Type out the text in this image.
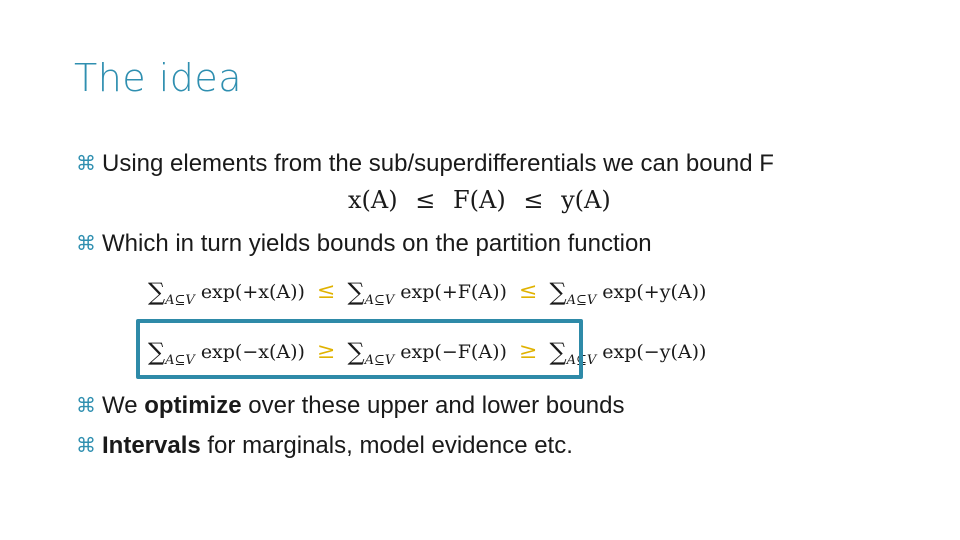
The idea
⌘ Using elements from the sub/superdifferentials we can bound F
x(A) ≤ F(A) ≤ y(A)
⌘ Which in turn yields bounds on the partition function
$\sum_{A⊆V}$ $\exp(+x(A)) \le \sum_{A⊆V}$ $\exp(+F(A)) \le \sum_{A⊆V}$ exp(+y(A))
$\sum_{A⊆V}$ $\exp(-x(A)) \ge \sum_{A⊆V}$ $\exp(-F(A)) \ge \sum_{A⊆V}$ exp(−y(A))
⌘ We optimize over these upper and lower bounds
⌘ Intervals for marginals, model evidence etc.
